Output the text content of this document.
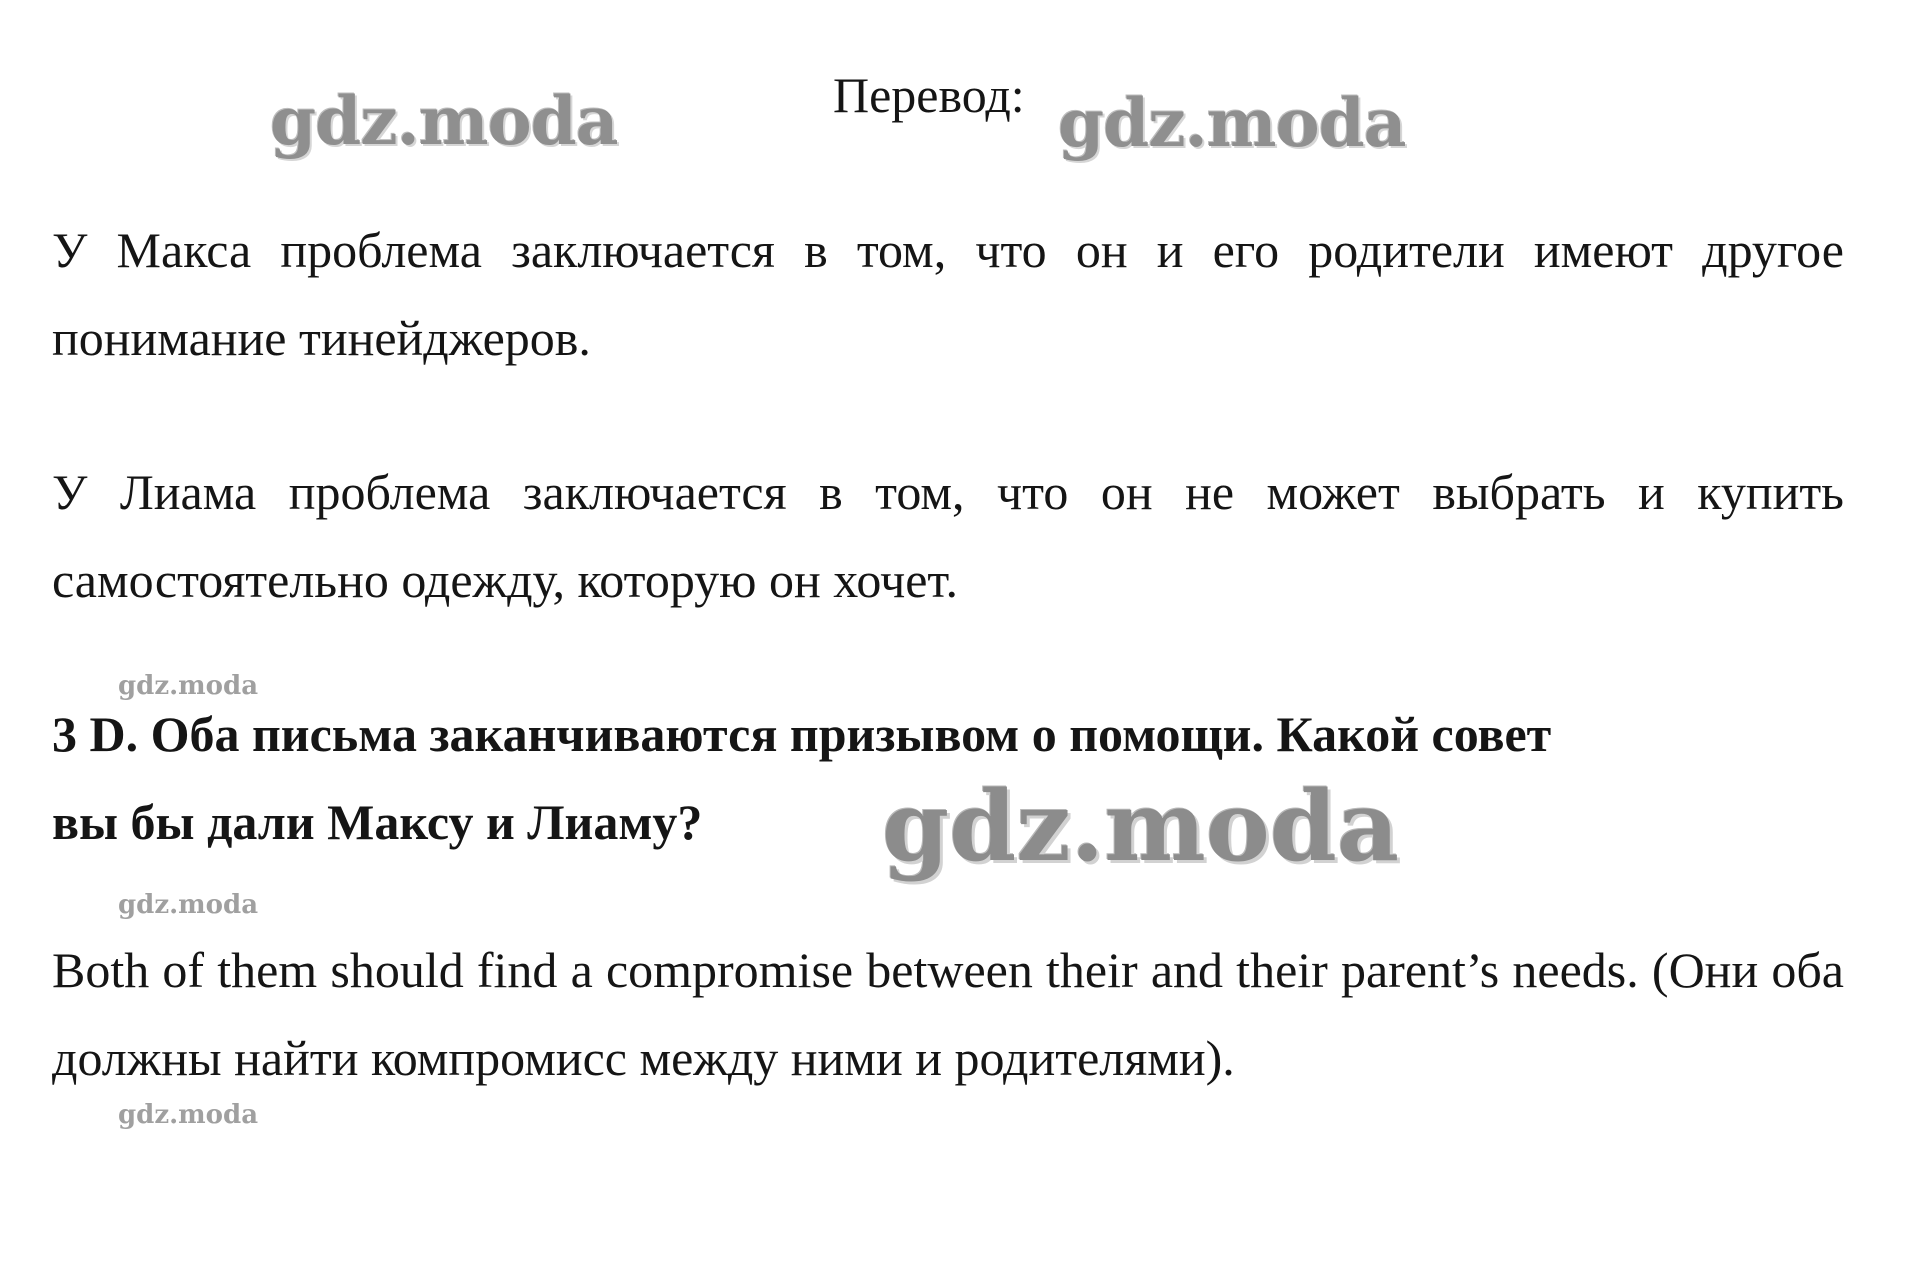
gdz.moda	Перевод: gdz.moda

У Макса проблема заключается в том, что он и его родители имеют другое понимание тинейджеров.

У Лиама проблема заключается в том, что он не может выбрать и купить самостоятельно одежду, которую он хочет.

gdz.moda
3 D. Оба письма заканчиваются призывом о помощи. Какой совет
вы бы дали Максу и Лиаму?	gdz.moda
gdz.moda

Both of them should find a compromise between their and their parent’s needs. (Они оба должны найти компромисс между ними и родителями).

gdz.moda
